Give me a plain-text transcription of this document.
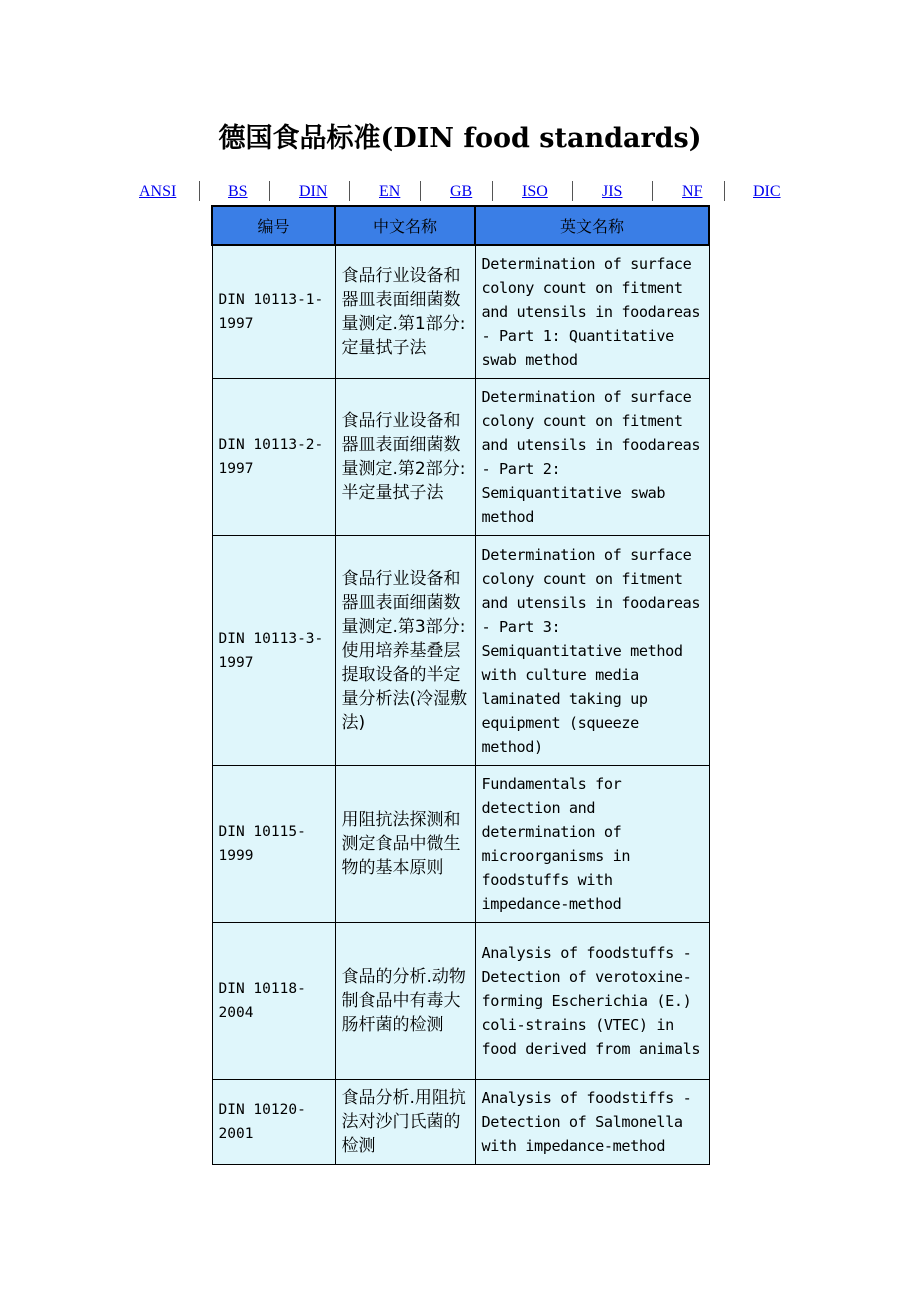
德国食品标准(DIN food standards)
ANSI	BS	DIN	EN	GB	ISO	JIS	NF	DIC
编号	中文名称	英文名称
DIN 10113-1-1997	食品行业设备和器皿表面细菌数量测定.第1部分:定量拭子法	Determination of surface colony count on fitment and utensils in foodareas - Part 1: Quantitative swab method
DIN 10113-2-1997	食品行业设备和器皿表面细菌数量测定.第2部分:半定量拭子法	Determination of surface colony count on fitment and utensils in foodareas - Part 2: Semiquantitative swab method
DIN 10113-3-1997	食品行业设备和器皿表面细菌数量测定.第3部分:使用培养基叠层提取设备的半定量分析法(冷湿敷法)	Determination of surface colony count on fitment and utensils in foodareas - Part 3: Semiquantitative method with culture media laminated taking up equipment (squeeze method)
DIN 10115-1999	用阻抗法探测和测定食品中微生物的基本原则	Fundamentals for detection and determination of microorganisms in foodstuffs with impedance-method
DIN 10118-2004	食品的分析.动物制食品中有毒大肠杆菌的检测	Analysis of foodstuffs - Detection of verotoxine-forming Escherichia (E.) coli-strains (VTEC) in food derived from animals
DIN 10120-2001	食品分析.用阻抗法对沙门氏菌的检测	Analysis of foodstiffs - Detection of Salmonella with impedance-method
